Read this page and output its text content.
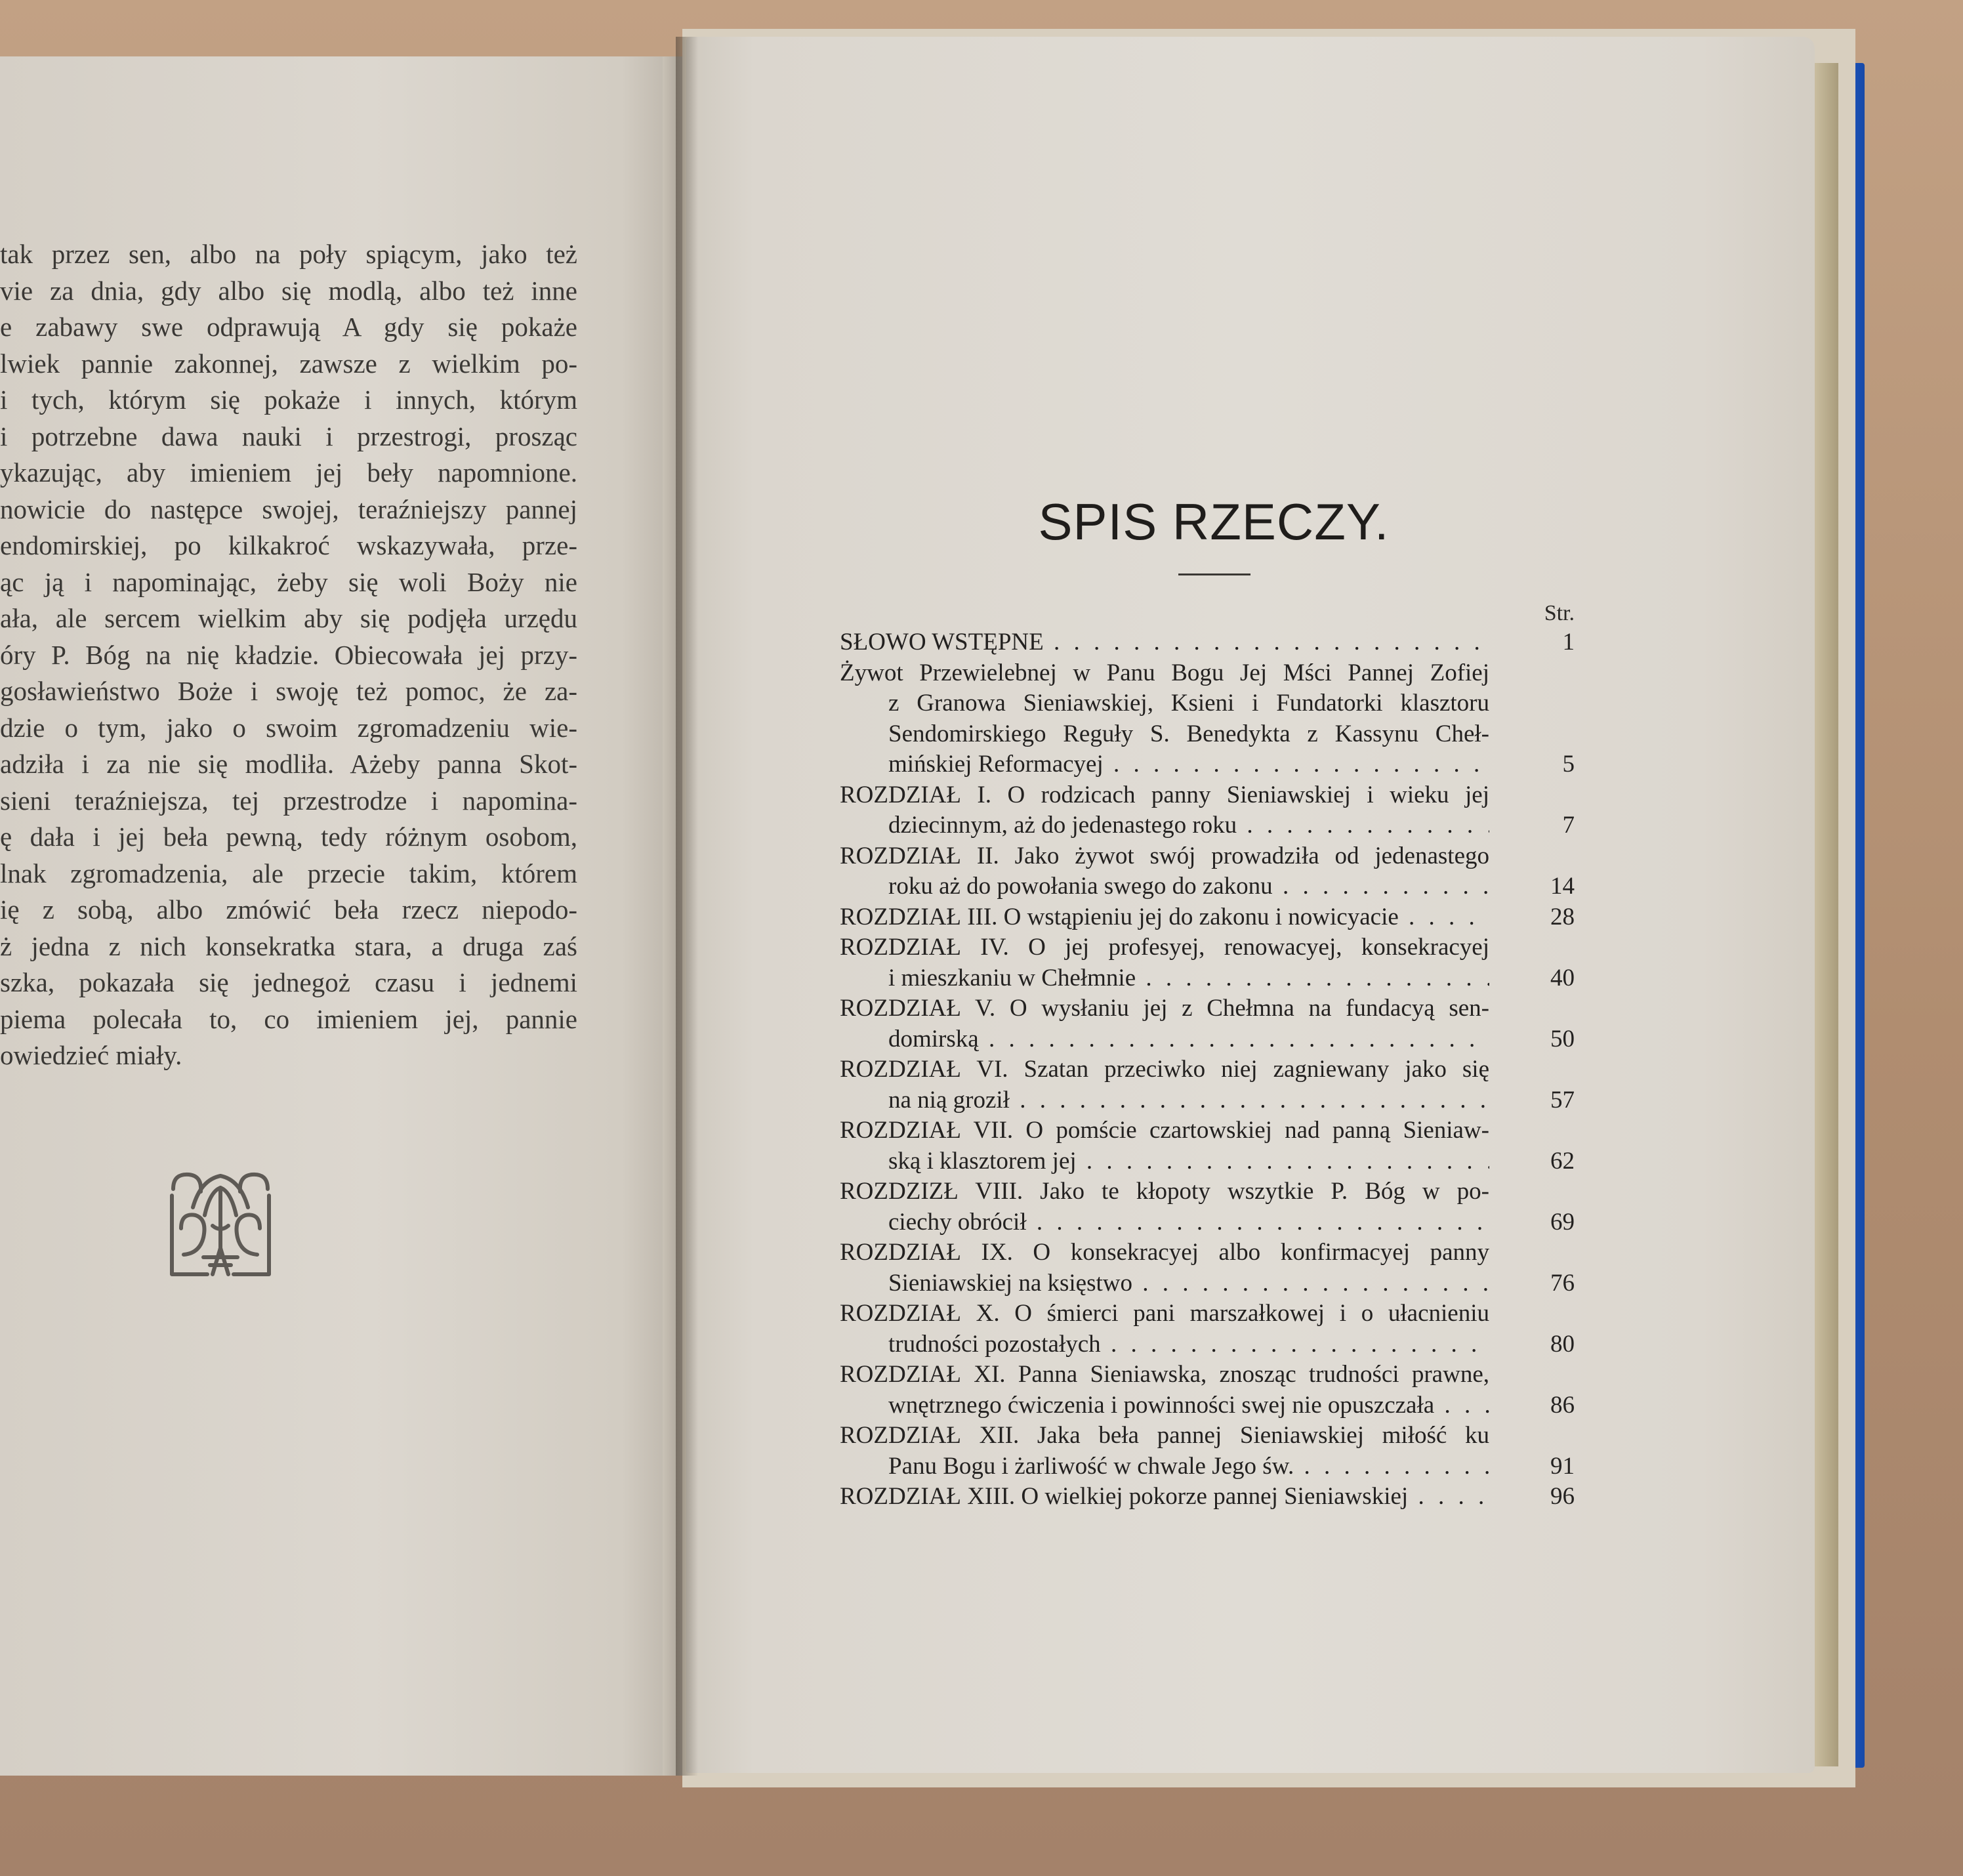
tak przez sen, albo na poły spiącym, jako też
vie za dnia, gdy albo się modlą, albo też inne
e zabawy swe odprawują A gdy się pokaże
lwiek pannie zakonnej, zawsze z wielkim po-
i tych, którym się pokaże i innych, którym
i potrzebne dawa nauki i przestrogi, prosząc
ykazując, aby imieniem jej beły napomnione.
nowicie do następce swojej, teraźniejszy pannej
endomirskiej, po kilkakroć wskazywała, prze-
ąc ją i napominając, żeby się woli Boży nie
ała, ale sercem wielkim aby się podjęła urzędu
óry P. Bóg na nię kładzie. Obiecowała jej przy-
gosławieństwo Boże i swoję też pomoc, że za-
dzie o tym, jako o swoim zgromadzeniu wie-
adziła i za nie się modliła. Ażeby panna Skot-
sieni teraźniejsza, tej przestrodze i napomina-
ę dała i jej beła pewną, tedy różnym osobom,
lnak zgromadzenia, ale przecie takim, którem
ię z sobą, albo zmówić beła rzecz niepodo-
ż jedna z nich konsekratka stara, a druga zaś
szka, pokazała się jednegoż czasu i jednemi
piema polecała to, co imieniem jej, pannie
owiedzieć miały.
SPIS RZECZY.
Str.
SŁOWO WSTĘPNE . . .	1
Żywot Przewielebnej w Panu Bogu Jej Mści Pannej Zofiej
z Granowa Sieniawskiej, Ksieni i Fundatorki klasztoru
Sendomirskiego Reguły S. Benedykta z Kassynu Cheł-
mińskiej Reformacyej . . .	5
ROZDZIAŁ I. O rodzicach panny Sieniawskiej i wieku jej
dziecinnym, aż do jedenastego roku . . .	7
ROZDZIAŁ II. Jako żywot swój prowadziła od jedenastego
roku aż do powołania swego do zakonu . . .	14
ROZDZIAŁ III. O wstąpieniu jej do zakonu i nowicyacie . . .	28
ROZDZIAŁ IV. O jej profesyej, renowacyej, konsekracyej
i mieszkaniu w Chełmnie . . .	40
ROZDZIAŁ V. O wysłaniu jej z Chełmna na fundacyą sen-
domirską . . .	50
ROZDZIAŁ VI. Szatan przeciwko niej zagniewany jako się
na nią groził . . .	57
ROZDZIAŁ VII. O pomście czartowskiej nad panną Sieniaw-
ską i klasztorem jej . . .	62
ROZDZIZŁ VIII. Jako te kłopoty wszytkie P. Bóg w po-
ciechy obrócił . . .	69
ROZDZIAŁ IX. O konsekracyej albo konfirmacyej panny
Sieniawskiej na księstwo . . .	76
ROZDZIAŁ X. O śmierci pani marszałkowej i o ułacnieniu
trudności pozostałych . . .	80
ROZDZIAŁ XI. Panna Sieniawska, znosząc trudności prawne,
wnętrznego ćwiczenia i powinności swej nie opuszczała . . .	86
ROZDZIAŁ XII. Jaka beła pannej Sieniawskiej miłość ku
Panu Bogu i żarliwość w chwale Jego św. . . .	91
ROZDZIAŁ XIII. O wielkiej pokorze pannej Sieniawskiej . . .	96
